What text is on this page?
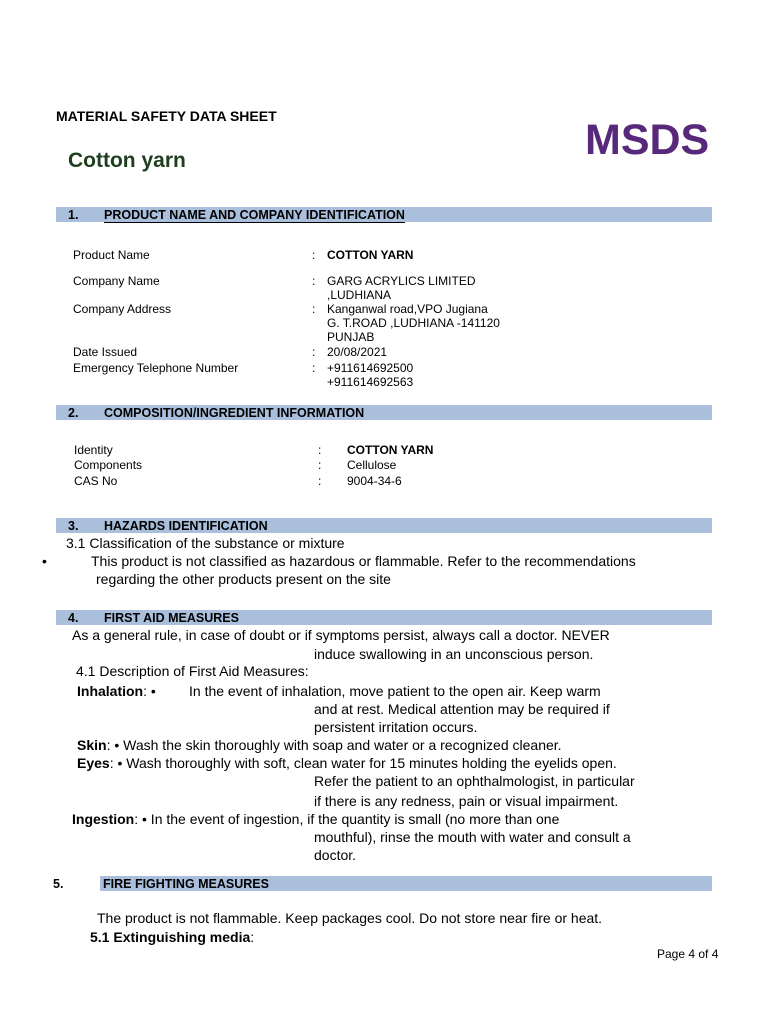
MATERIAL SAFETY DATA SHEET
Cotton yarn	MSDS
1. PRODUCT NAME AND COMPANY IDENTIFICATION
Product Name	: COTTON YARN
Company Name	: GARG ACRYLICS LIMITED
,LUDHIANA
Company Address	: Kanganwal road,VPO Jugiana
G. T.ROAD ,LUDHIANA -141120
PUNJAB
Date Issued	: 20/08/2021
Emergency Telephone Number	: +911614692500
+911614692563
2. COMPOSITION/INGREDIENT INFORMATION
Identity	: COTTON YARN
Components	: Cellulose
CAS No	: 9004-34-6
3. HAZARDS IDENTIFICATION
3.1 Classification of the substance or mixture
•	This product is not classified as hazardous or flammable. Refer to the recommendations
regarding the other products present on the site
4. FIRST AID MEASURES
As a general rule, in case of doubt or if symptoms persist, always call a doctor. NEVER
induce swallowing in an unconscious person.
4.1 Description of First Aid Measures:
Inhalation: • In the event of inhalation, move patient to the open air. Keep warm
and at rest. Medical attention may be required if
persistent irritation occurs.
Skin: • Wash the skin thoroughly with soap and water or a recognized cleaner.
Eyes: • Wash thoroughly with soft, clean water for 15 minutes holding the eyelids open.
Refer the patient to an ophthalmologist, in particular
if there is any redness, pain or visual impairment.
Ingestion: • In the event of ingestion, if the quantity is small (no more than one
mouthful), rinse the mouth with water and consult a
doctor.
5.	FIRE FIGHTING MEASURES
The product is not flammable. Keep packages cool. Do not store near fire or heat.
5.1 Extinguishing media:
Page 4 of 4
